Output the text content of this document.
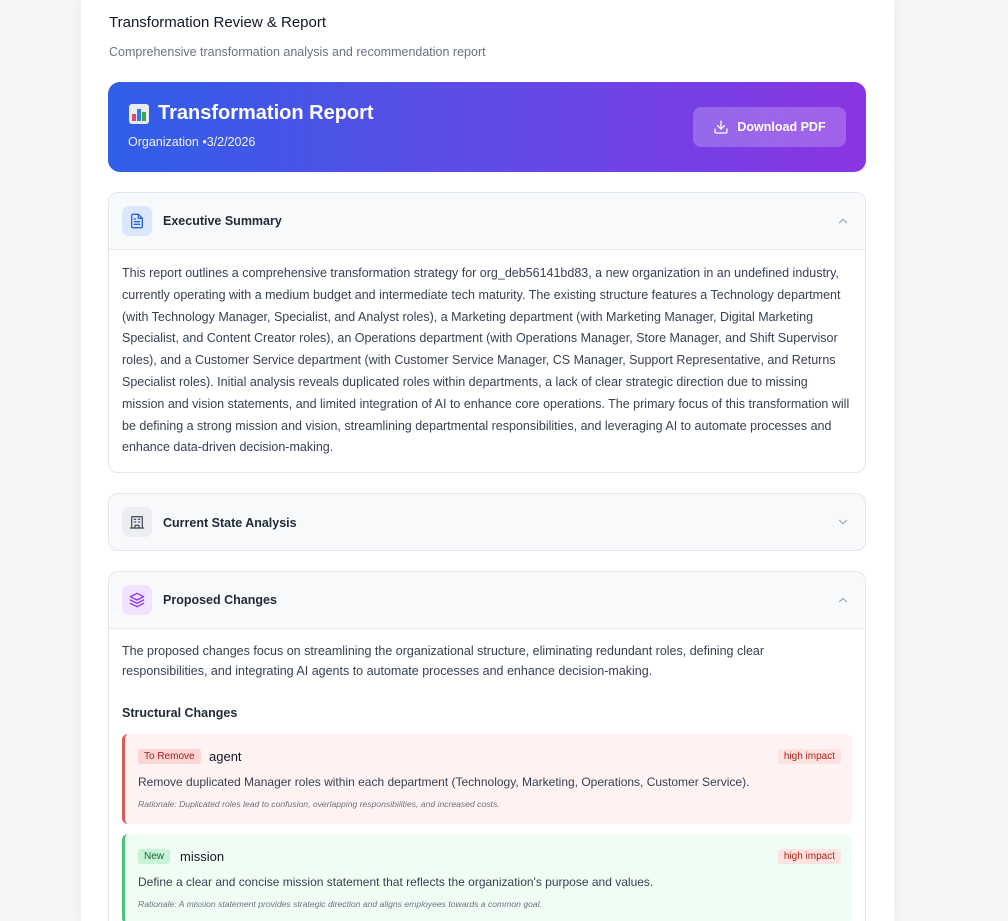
Transformation Review & Report
Comprehensive transformation analysis and recommendation report
Transformation Report
Organization •3/2/2026
Download PDF
Executive Summary
This report outlines a comprehensive transformation strategy for org_deb56141bd83, a new organization in an undefined industry, currently operating with a medium budget and intermediate tech maturity. The existing structure features a Technology department (with Technology Manager, Specialist, and Analyst roles), a Marketing department (with Marketing Manager, Digital Marketing Specialist, and Content Creator roles), an Operations department (with Operations Manager, Store Manager, and Shift Supervisor roles), and a Customer Service department (with Customer Service Manager, CS Manager, Support Representative, and Returns Specialist roles). Initial analysis reveals duplicated roles within departments, a lack of clear strategic direction due to missing mission and vision statements, and limited integration of AI to enhance core operations. The primary focus of this transformation will be defining a strong mission and vision, streamlining departmental responsibilities, and leveraging AI to automate processes and enhance data-driven decision-making.
Current State Analysis
Proposed Changes
The proposed changes focus on streamlining the organizational structure, eliminating redundant roles, defining clear responsibilities, and integrating AI agents to automate processes and enhance decision-making.
Structural Changes
To Remove	agent	high impact
Remove duplicated Manager roles within each department (Technology, Marketing, Operations, Customer Service).
Rationale: Duplicated roles lead to confusion, overlapping responsibilities, and increased costs.
New	mission	high impact
Define a clear and concise mission statement that reflects the organization's purpose and values.
Rationale: A mission statement provides strategic direction and aligns employees towards a common goal.
